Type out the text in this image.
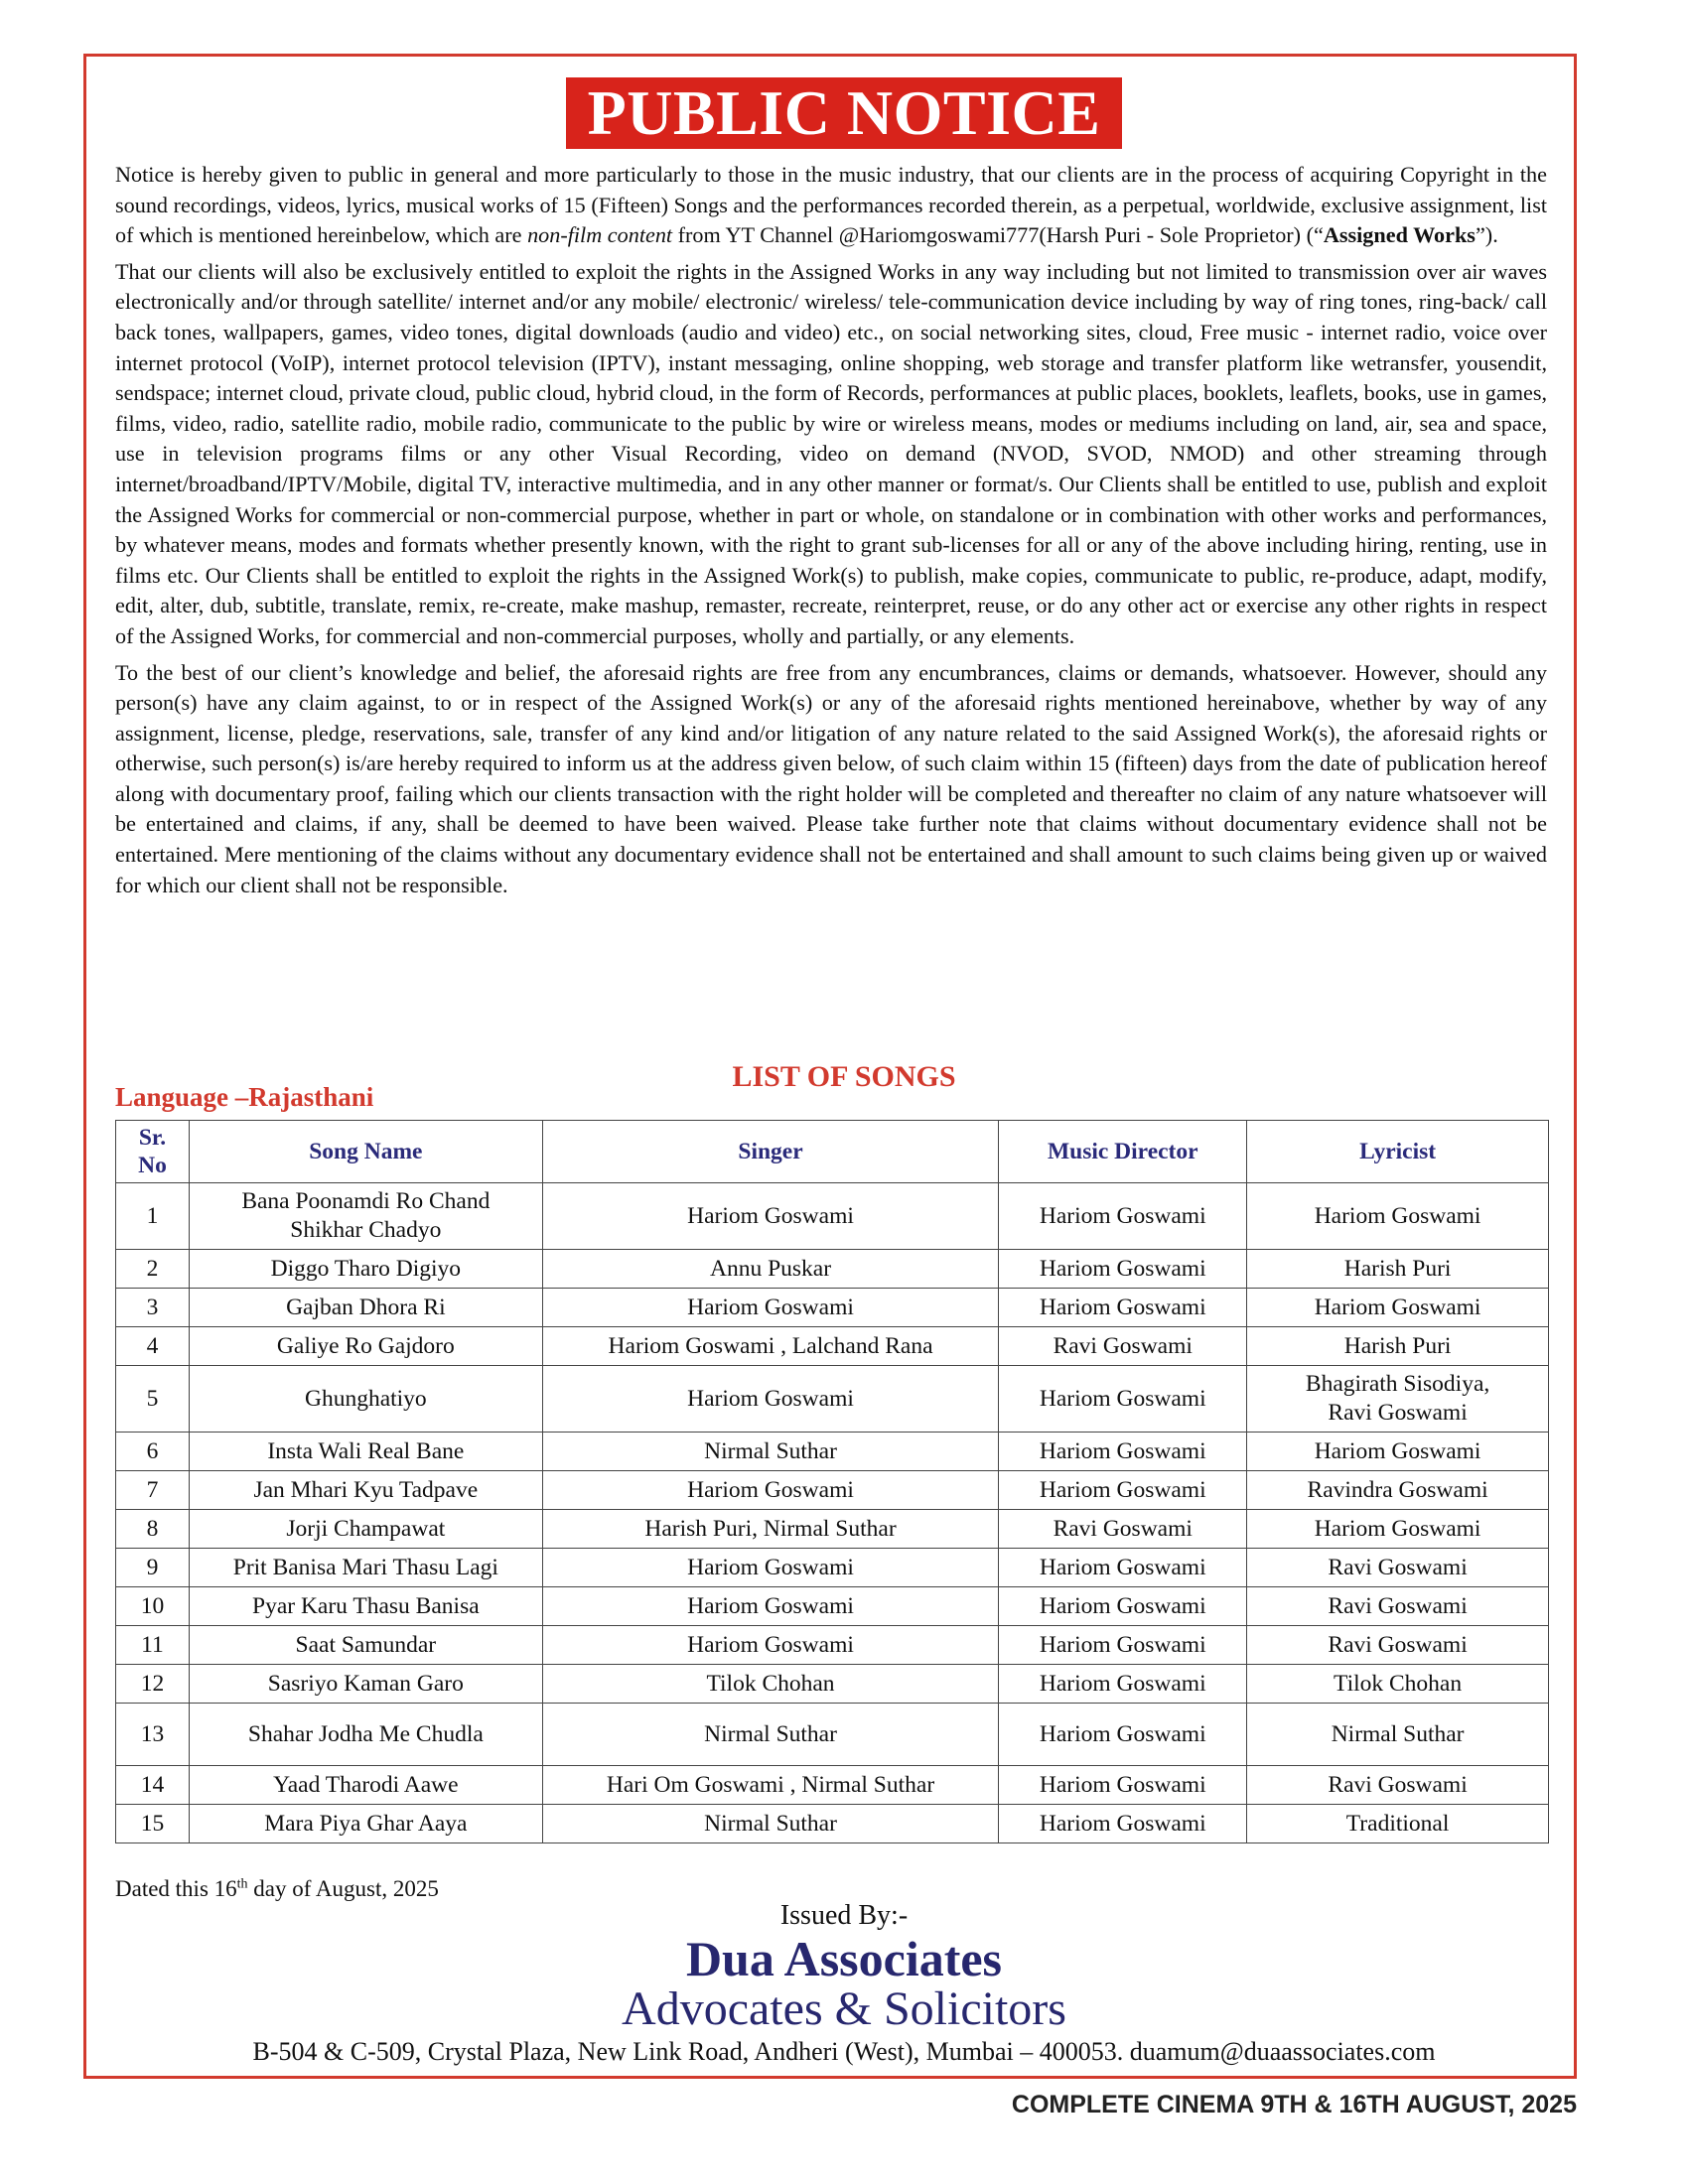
PUBLIC NOTICE

Notice is hereby given to public in general and more particularly to those in the music industry, that our clients are in the process of acquiring Copyright in the sound recordings, videos, lyrics, musical works of 15 (Fifteen) Songs and the performances recorded therein, as a perpetual, worldwide, exclusive assignment, list of which is mentioned hereinbelow, which are non-film content from YT Channel @Hariomgoswami777(Harsh Puri - Sole Proprietor) (“Assigned Works”).

That our clients will also be exclusively entitled to exploit the rights in the Assigned Works in any way including but not limited to transmission over air waves electronically and/or through satellite/ internet and/or any mobile/ electronic/ wireless/ tele-communication device including by way of ring tones, ring-back/ call back tones, wallpapers, games, video tones, digital downloads (audio and video) etc., on social networking sites, cloud, Free music - internet radio, voice over internet protocol (VoIP), internet protocol television (IPTV), instant messaging, online shopping, web storage and transfer platform like wetransfer, yousendit, sendspace; internet cloud, private cloud, public cloud, hybrid cloud, in the form of Records, performances at public places, booklets, leaflets, books, use in games, films, video, radio, satellite radio, mobile radio, communicate to the public by wire or wireless means, modes or mediums including on land, air, sea and space, use in television programs films or any other Visual Recording, video on demand (NVOD, SVOD, NMOD) and other streaming through internet/broadband/IPTV/Mobile, digital TV, interactive multimedia, and in any other manner or format/s. Our Clients shall be entitled to use, publish and exploit the Assigned Works for commercial or non-commercial purpose, whether in part or whole, on standalone or in combination with other works and performances, by whatever means, modes and formats whether presently known, with the right to grant sub-licenses for all or any of the above including hiring, renting, use in films etc. Our Clients shall be entitled to exploit the rights in the Assigned Work(s) to publish, make copies, communicate to public, re-produce, adapt, modify, edit, alter, dub, subtitle, translate, remix, re-create, make mashup, remaster, recreate, reinterpret, reuse, or do any other act or exercise any other rights in respect of the Assigned Works, for commercial and non-commercial purposes, wholly and partially, or any elements.

To the best of our client’s knowledge and belief, the aforesaid rights are free from any encumbrances, claims or demands, whatsoever. However, should any person(s) have any claim against, to or in respect of the Assigned Work(s) or any of the aforesaid rights mentioned hereinabove, whether by way of any assignment, license, pledge, reservations, sale, transfer of any kind and/or litigation of any nature related to the said Assigned Work(s), the aforesaid rights or otherwise, such person(s) is/are hereby required to inform us at the address given below, of such claim within 15 (fifteen) days from the date of publication hereof along with documentary proof, failing which our clients transaction with the right holder will be completed and thereafter no claim of any nature whatsoever will be entertained and claims, if any, shall be deemed to have been waived. Please take further note that claims without documentary evidence shall not be entertained. Mere mentioning of the claims without any documentary evidence shall not be entertained and shall amount to such claims being given up or waived for which our client shall not be responsible.

LIST OF SONGS
Language –Rajasthani
Sr.
No	Song Name	Singer	Music Director	Lyricist
1	Bana Poonamdi Ro Chand
Shikhar Chadyo	Hariom Goswami	Hariom Goswami	Hariom Goswami
2	Diggo Tharo Digiyo	Annu Puskar	Hariom Goswami	Harish Puri
3	Gajban Dhora Ri	Hariom Goswami	Hariom Goswami	Hariom Goswami
4	Galiye Ro Gajdoro	Hariom Goswami , Lalchand Rana	Ravi Goswami	Harish Puri
5	Ghunghatiyo	Hariom Goswami	Hariom Goswami	Bhagirath Sisodiya,
Ravi Goswami
6	Insta Wali Real Bane	Nirmal Suthar	Hariom Goswami	Hariom Goswami
7	Jan Mhari Kyu Tadpave	Hariom Goswami	Hariom Goswami	Ravindra Goswami
8	Jorji Champawat	Harish Puri, Nirmal Suthar	Ravi Goswami	Hariom Goswami
9	Prit Banisa Mari Thasu Lagi	Hariom Goswami	Hariom Goswami	Ravi Goswami
10	Pyar Karu Thasu Banisa	Hariom Goswami	Hariom Goswami	Ravi Goswami
11	Saat Samundar	Hariom Goswami	Hariom Goswami	Ravi Goswami
12	Sasriyo Kaman Garo	Tilok Chohan	Hariom Goswami	Tilok Chohan
13	Shahar Jodha Me Chudla	Nirmal Suthar	Hariom Goswami	Nirmal Suthar
14	Yaad Tharodi Aawe	Hari Om Goswami , Nirmal Suthar	Hariom Goswami	Ravi Goswami
15	Mara Piya Ghar Aaya	Nirmal Suthar	Hariom Goswami	Traditional
Dated this 16th day of August, 2025
Issued By:-
Dua Associates
Advocates & Solicitors
B-504 & C-509, Crystal Plaza, New Link Road, Andheri (West), Mumbai – 400053. duamum@duaassociates.com
COMPLETE CINEMA 9TH & 16TH AUGUST, 2025
